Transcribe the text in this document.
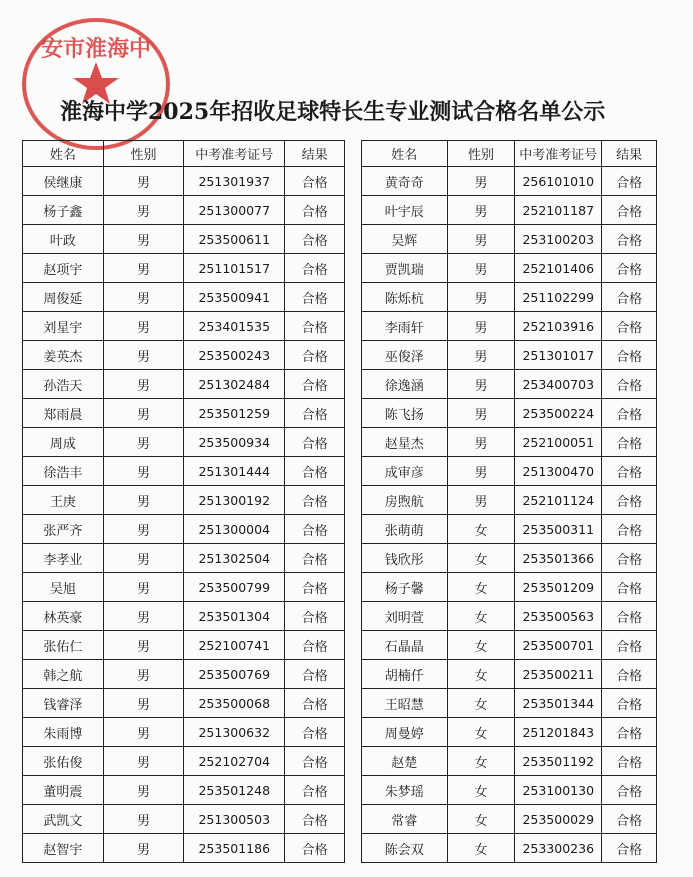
安市淮海中
淮海中学2025年招收足球特长生专业测试合格名单公示
姓名	性别	中考准考证号	结果
侯继康	男	251301937	合格
杨子鑫	男	251300077	合格
叶政	男	253500611	合格
赵项宇	男	251101517	合格
周俊延	男	253500941	合格
刘星宇	男	253401535	合格
姜英杰	男	253500243	合格
孙浩天	男	251302484	合格
郑雨晨	男	253501259	合格
周成	男	253500934	合格
徐浩丰	男	251301444	合格
王庚	男	251300192	合格
张严齐	男	251300004	合格
李孝业	男	251302504	合格
吴旭	男	253500799	合格
林英豪	男	253501304	合格
张佑仁	男	252100741	合格
韩之航	男	253500769	合格
钱睿泽	男	253500068	合格
朱雨博	男	251300632	合格
张佑俊	男	252102704	合格
董明震	男	253501248	合格
武凯文	男	251300503	合格
赵智宇	男	253501186	合格
姓名	性别	中考准考证号	结果
黄奇奇	男	256101010	合格
叶宇辰	男	252101187	合格
吴辉	男	253100203	合格
贾凯瑞	男	252101406	合格
陈烁杭	男	251102299	合格
李雨轩	男	252103916	合格
巫俊泽	男	251301017	合格
徐逸涵	男	253400703	合格
陈飞扬	男	253500224	合格
赵星杰	男	252100051	合格
成审彦	男	251300470	合格
房煦航	男	252101124	合格
张萌萌	女	253500311	合格
钱欣彤	女	253501366	合格
杨子馨	女	253501209	合格
刘明萱	女	253500563	合格
石晶晶	女	253500701	合格
胡楠仟	女	253500211	合格
王昭慧	女	253501344	合格
周曼婷	女	251201843	合格
赵楚	女	253501192	合格
朱梦瑶	女	253100130	合格
常睿	女	253500029	合格
陈会双	女	253300236	合格
